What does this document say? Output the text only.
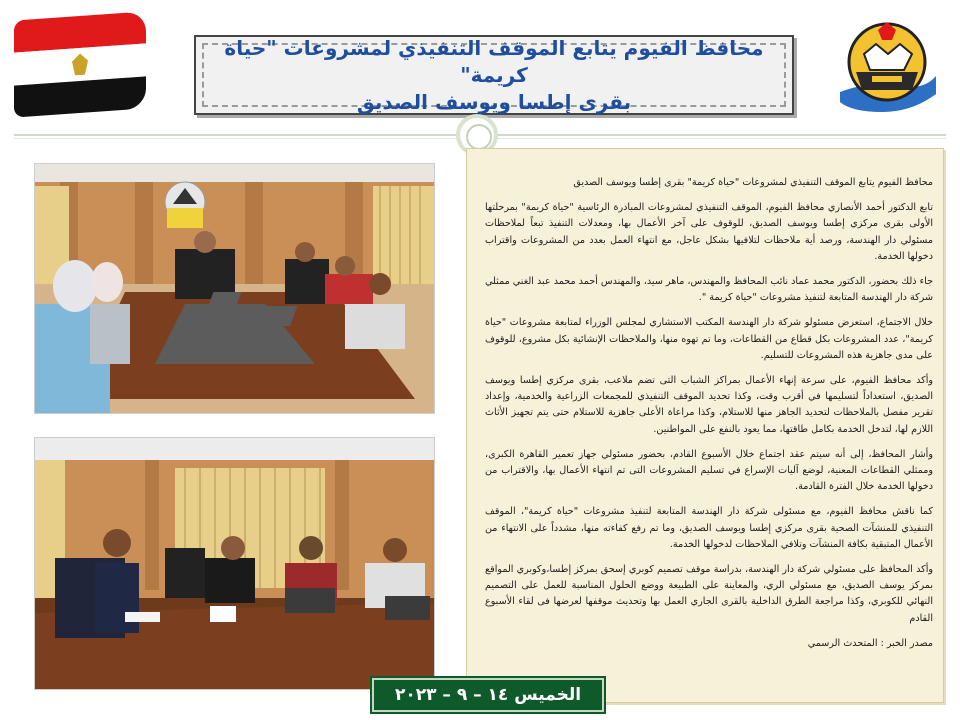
محافظ الفيوم يتابع الموقف التنفيذي لمشروعات "حياة كريمة"
بقرى إطسا ويوسف الصديق

محافظ الفيوم يتابع الموقف التنفيذي لمشروعات "حياة كريمة" بقرى إطسا ويوسف الصديق

تابع الدكتور أحمد الأنصاري محافظ الفيوم، الموقف التنفيذي لمشروعات المبادرة الرئاسية "حياة كريمة" بمرحلتها الأولى بقرى مركزي إطسا ويوسف الصديق، للوقوف على آخر الأعمال بها، ومعدلات التنفيذ تبعاً لملاحظات مسئولي دار الهندسة، ورصد أية ملاحظات لتلافيها بشكل عاجل، مع انتهاء العمل بعدد من المشروعات واقتراب دخولها الخدمة.

جاء ذلك بحضور، الدكتور محمد عماد نائب المحافظ والمهندس، ماهر سيد، والمهندس أحمد محمد عبد الغني ممثلي شركة دار الهندسة المتابعة لتنفيذ مشروعات "حياة كريمة ".

خلال الاجتماع، استعرض مسئولو شركة دار الهندسة المكتب الاستشاري لمجلس الوزراء لمتابعة مشروعات "حياة كريمة"، عدد المشروعات بكل قطاع من القطاعات، وما تم تهوه منها، والملاحظات الإنشائية بكل مشروع، للوقوف على مدى جاهزية هذه المشروعات للتسليم.

وأكد محافظ الفيوم، على سرعة إنهاء الأعمال بمراكز الشباب التى تضم ملاعب، بقرى مركزي إطسا ويوسف الصديق، استعداداً لتسليمها في أقرب وقت، وكذا تحديد الموقف التنفيذي للمجمعات الزراعية والخدمية، وإعداد تقرير مفصل بالملاحظات لتحديد الجاهز منها للاستلام، وكذا مراعاة الأعلى جاهزية للاستلام حتى يتم تجهيز الأثاث اللازم لها، لتدخل الخدمة بكامل طاقتها، مما يعود بالنفع على المواطنين.

وأشار المحافظ، إلى أنه سيتم عقد اجتماع خلال الأسبوع القادم، بحضور مسئولي جهاز تعمير القاهرة الكبرى، وممثلي القطاعات المعنية، لوضع آليات الإسراع في تسليم المشروعات التى تم انتهاء الأعمال بها، والاقتراب من دخولها الخدمة خلال الفترة القادمة.

كما ناقش محافظ الفيوم، مع مسئولى شركة دار الهندسة المتابعة لتنفيذ مشروعات "حياة كريمة"، الموقف التنفيذي للمنشآت الصحية بقرى مركزي إطسا ويوسف الصديق، وما تم رفع كفاءته منها، مشدداً على الانتهاء من الأعمال المتبقية بكافة المنشآت وتلافي الملاحظات لدخولها الخدمة.

وأكد المحافظ على مسئولي شركة دار الهندسة، بدراسة موقف تصميم كوبري إسحق بمركز إطسا،وكوبري المواقع بمركز يوسف الصديق، مع مسئولي الري، والمعاينة على الطبيعة ووضع الحلول المناسبة للعمل على التصميم النهائي للكوبري، وكذا مراجعة الطرق الداخلية بالقرى الجاري العمل بها وتحديث موقفها لعرضها فى لقاء الأسبوع القادم

مصدر الخبر : المتحدث الرسمي

الخميس ١٤ – ٩ – ٢٠٢٣
